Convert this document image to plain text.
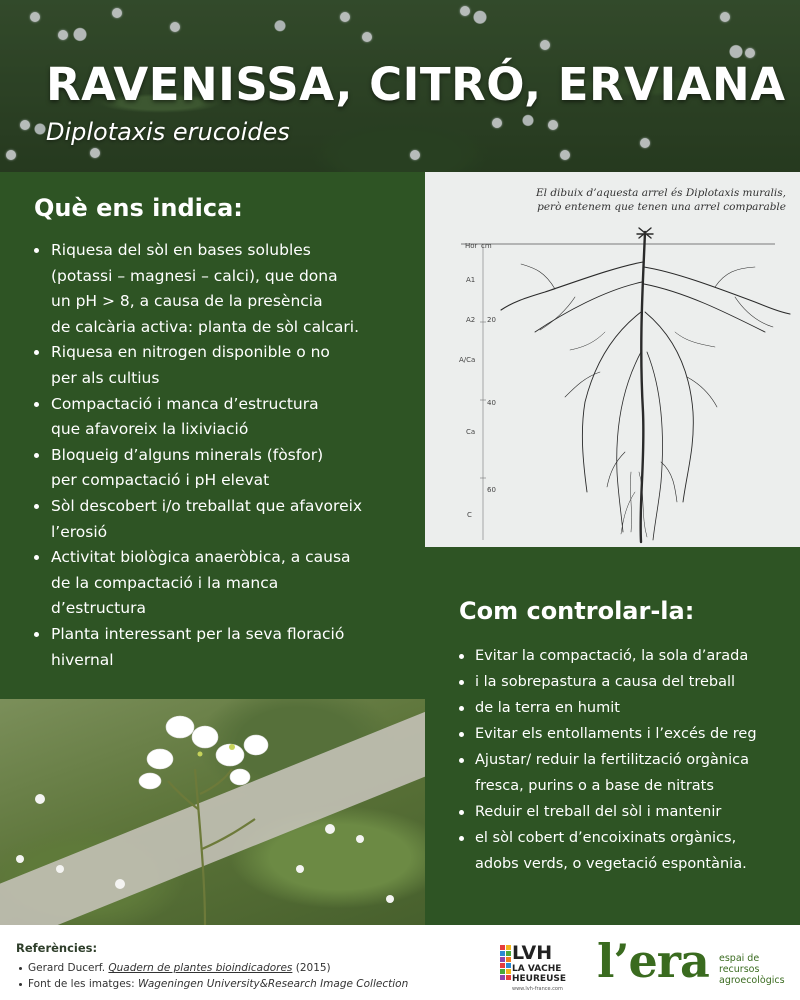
RAVENISSA, CITRÓ, ERVIANA

Diplotaxis erucoides

Què ens indica:
Riquesa del sòl en bases solubles
(potassi – magnesi – calci), que dona
un pH > 8, a causa de la presència
de calcària activa: planta de sòl calcari.
Riquesa en nitrogen disponible o no
per als cultius
Compactació i manca d’estructura
que afavoreix la lixiviació
Bloqueig d’alguns minerals (fòsfor)
per compactació i pH elevat
Sòl descobert i/o treballat que afavoreix
l’erosió
Activitat biològica anaeròbica, a causa
de la compactació i la manca
d’estructura
Planta interessant per la seva floració
hivernal

El dibuix d’aquesta arrel és Diplotaxis muralis,
però entenem que tenen una arrel comparable

Hor cm
A1
A2
A/Ca
Ca
C
20
40
60
Com controlar-la:
Evitar la compactació, la sola d’arada
i la sobrepastura a causa del treball
de la terra en humit
Evitar els entollaments i l’excés de reg
Ajustar/ reduir la fertilització orgànica
fresca, purins o a base de nitrats
Reduir el treball del sòl i mantenir
el sòl cobert d’encoixinats orgànics,
adobs verds, o vegetació espontània.

Referències:

Gerard Ducerf. Quadern de plantes bioindicadores (2015)
Font de les imatges: Wageningen University&Research Image Collection
LVH
LA VACHE
HEUREUSE
www.lvh-france.com

l’era espai de
recursos
agroecològics
